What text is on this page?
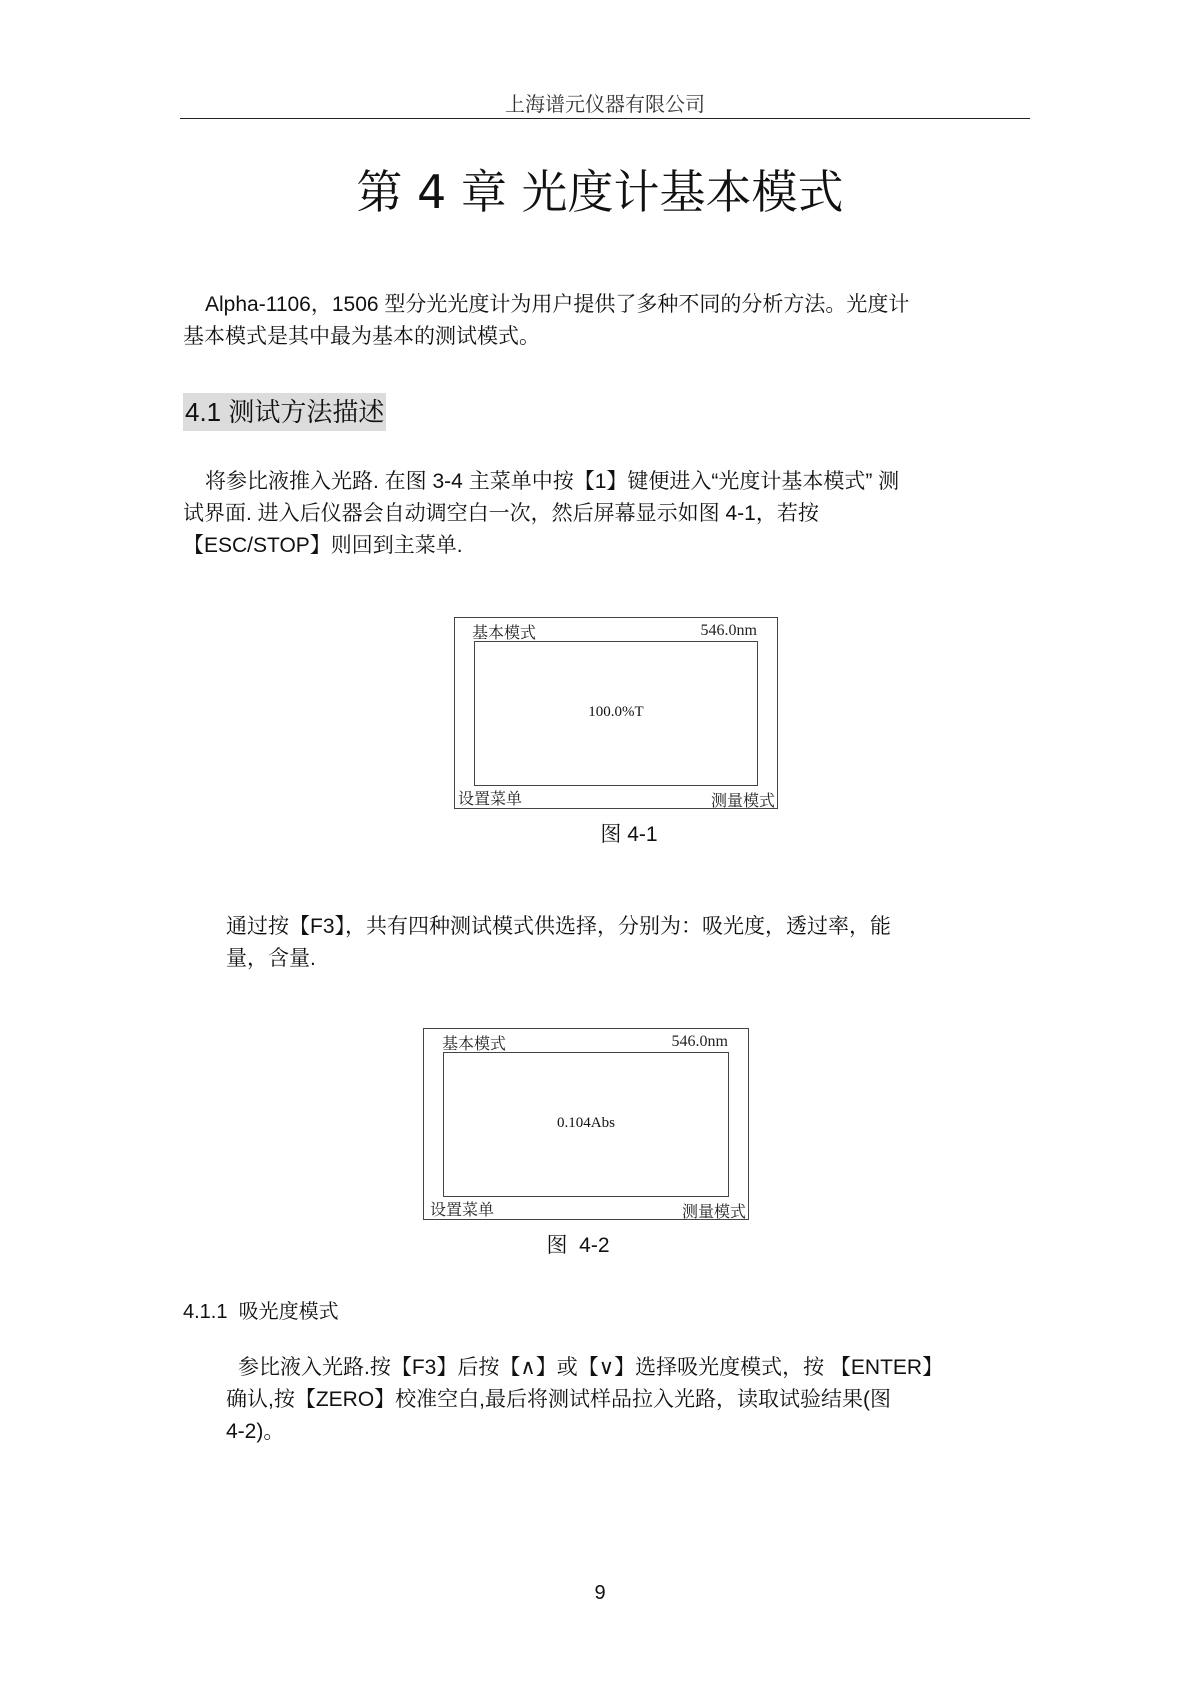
上海谱元仪器有限公司
第 4 章 光度计基本模式
Alpha-1106，1506 型分光光度计为用户提供了多种不同的分析方法。光度计
基本模式是其中最为基本的测试模式。
4.1 测试方法描述
将参比液推入光路. 在图 3-4 主菜单中按【1】键便进入“光度计基本模式” 测
试界面. 进入后仪器会自动调空白一次，然后屏幕显示如图 4-1，若按
【ESC/STOP】则回到主菜单.
基本模式	546.0nm
100.0%T
设置菜单	测量模式
图 4-1
通过按【F3】，共有四种测试模式供选择，分别为：吸光度，透过率，能
量，含量.
基本模式	546.0nm
0.104Abs
设置菜单	测量模式
图  4-2
4.1.1  吸光度模式
参比液入光路.按【F3】后按【∧】或【∨】选择吸光度模式，按 【ENTER】
确认,按【ZERO】校准空白,最后将测试样品拉入光路，读取试验结果(图
4-2)。
9
